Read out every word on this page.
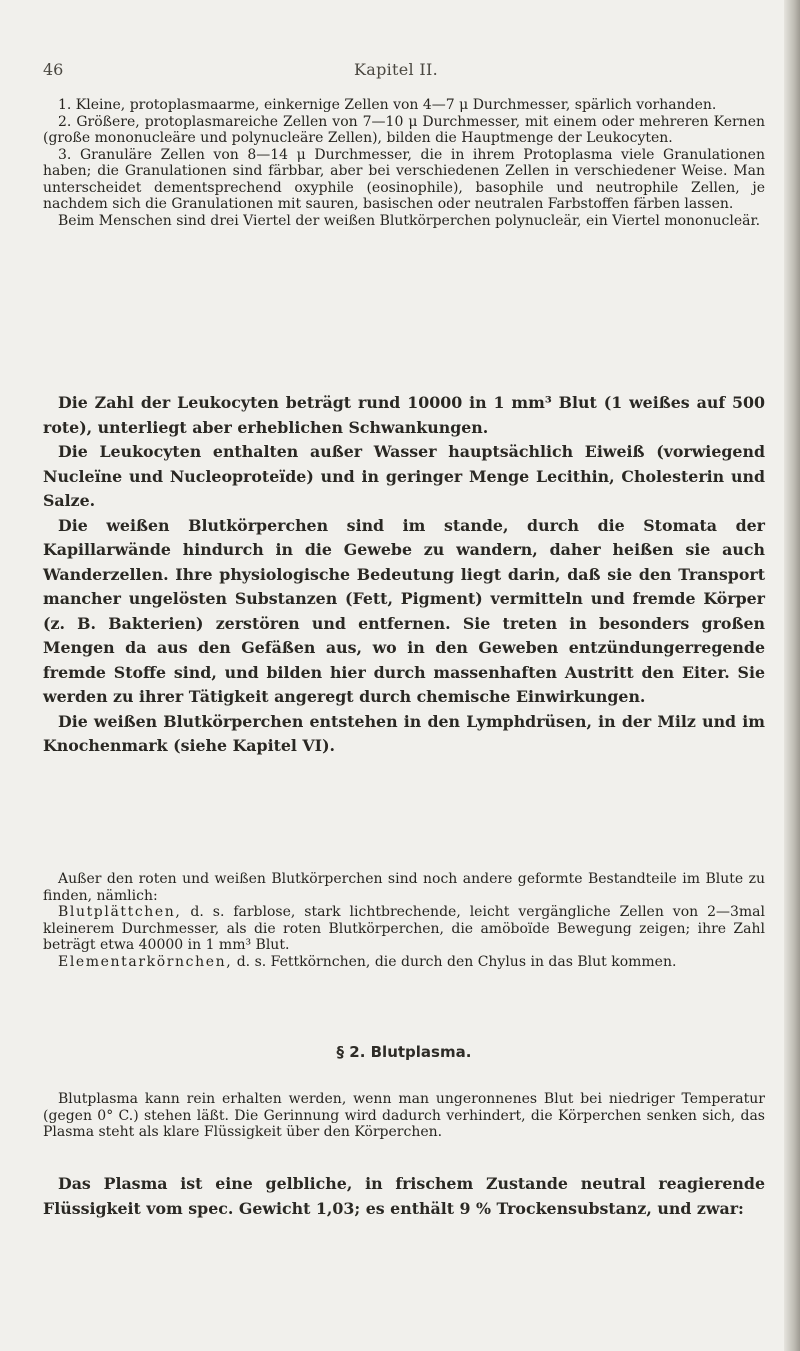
46	Kapitel II.

1. Kleine, protoplasmaarme, einkernige Zellen von 4—7 μ Durchmesser, spärlich vorhanden.

2. Größere, protoplasmareiche Zellen von 7—10 μ Durchmesser, mit einem oder mehreren Kernen (große mononucleäre und polynucleäre Zellen), bilden die Hauptmenge der Leukocyten.

3. Granuläre Zellen von 8—14 μ Durchmesser, die in ihrem Protoplasma viele Granulationen haben; die Granulationen sind färbbar, aber bei verschiedenen Zellen in verschiedener Weise. Man unterscheidet dementsprechend oxyphile (eosinophile), basophile und neutrophile Zellen, je nachdem sich die Granulationen mit sauren, basischen oder neutralen Farbstoffen färben lassen.

Beim Menschen sind drei Viertel der weißen Blutkörperchen polynucleär, ein Viertel mononucleär.

Die Zahl der Leukocyten beträgt rund 10000 in 1 mm³ Blut (1 weißes auf 500 rote), unterliegt aber erheblichen Schwankungen.

Die Leukocyten enthalten außer Wasser hauptsächlich Eiweiß (vorwiegend Nucleïne und Nucleoproteïde) und in geringer Menge Lecithin, Cholesterin und Salze.

Die weißen Blutkörperchen sind im stande, durch die Stomata der Kapillarwände hindurch in die Gewebe zu wandern, daher heißen sie auch Wanderzellen. Ihre physiologische Bedeutung liegt darin, daß sie den Transport mancher ungelösten Substanzen (Fett, Pigment) vermitteln und fremde Körper (z. B. Bakterien) zerstören und entfernen. Sie treten in besonders großen Mengen da aus den Gefäßen aus, wo in den Geweben entzündungerregende fremde Stoffe sind, und bilden hier durch massenhaften Austritt den Eiter. Sie werden zu ihrer Tätigkeit angeregt durch chemische Einwirkungen.

Die weißen Blutkörperchen entstehen in den Lymphdrüsen, in der Milz und im Knochenmark (siehe Kapitel VI).

Außer den roten und weißen Blutkörperchen sind noch andere geformte Bestandteile im Blute zu finden, nämlich:

Blutplättchen, d. s. farblose, stark lichtbrechende, leicht vergängliche Zellen von 2—3mal kleinerem Durchmesser, als die roten Blutkörperchen, die amöboïde Bewegung zeigen; ihre Zahl beträgt etwa 40000 in 1 mm³ Blut.

Elementarkörnchen, d. s. Fettkörnchen, die durch den Chylus in das Blut kommen.

§ 2. Blutplasma.

Blutplasma kann rein erhalten werden, wenn man ungeronnenes Blut bei niedriger Temperatur (gegen 0° C.) stehen läßt. Die Gerinnung wird dadurch verhindert, die Körperchen senken sich, das Plasma steht als klare Flüssigkeit über den Körperchen.

Das Plasma ist eine gelbliche, in frischem Zustande neutral reagierende Flüssigkeit vom spec. Gewicht 1,03; es enthält 9 % Trockensubstanz, und zwar:
